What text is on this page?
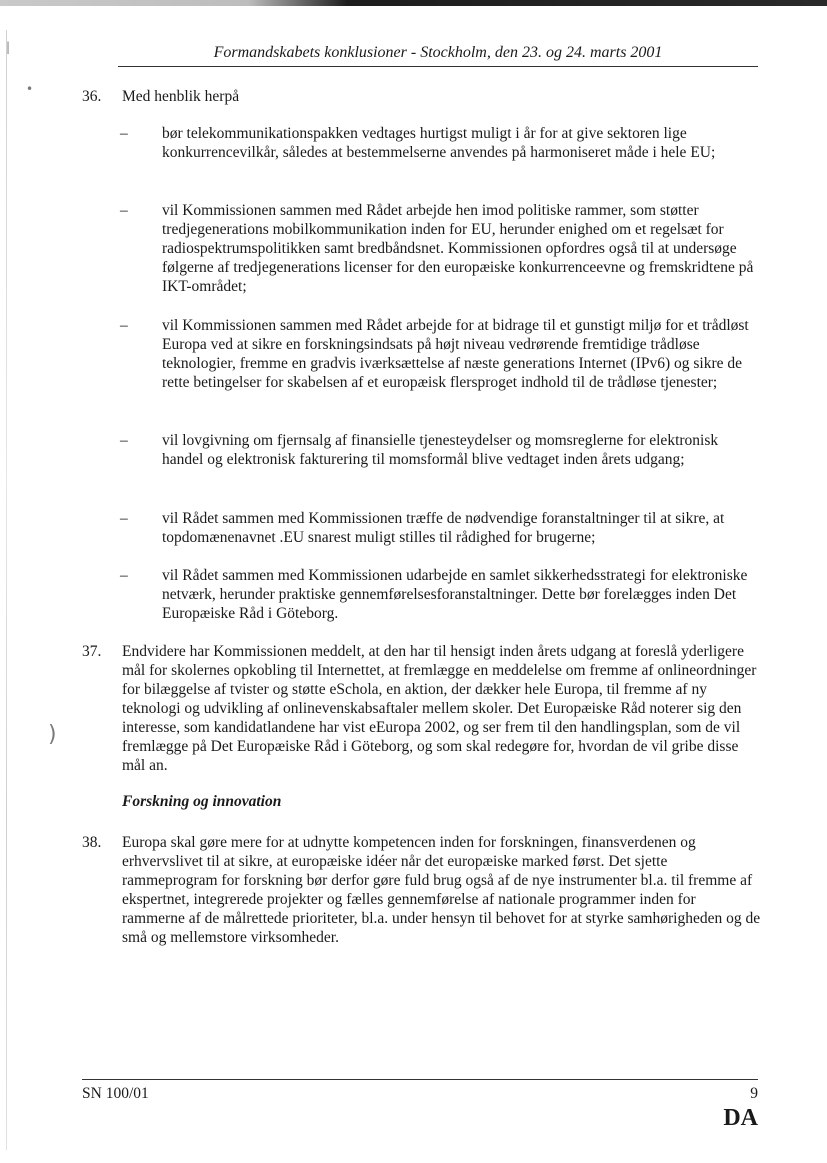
|
•
)
Formandskabets konklusioner - Stockholm, den 23. og 24. marts 2001
36.	Med henblik herpå
–	bør telekommunikationspakken vedtages hurtigst muligt i år for at give sektoren lige konkurrencevilkår, således at bestemmelserne anvendes på harmoniseret måde i hele EU;
–	vil Kommissionen sammen med Rådet arbejde hen imod politiske rammer, som støtter tredjegenerations mobilkommunikation inden for EU, herunder enighed om et regelsæt for radiospektrumspolitikken samt bredbåndsnet. Kommissionen opfordres også til at undersøge følgerne af tredjegenerations licenser for den europæiske konkurrenceevne og fremskridtene på IKT-området;
–	vil Kommissionen sammen med Rådet arbejde for at bidrage til et gunstigt miljø for et trådløst Europa ved at sikre en forskningsindsats på højt niveau vedrørende fremtidige trådløse teknologier, fremme en gradvis iværksættelse af næste generations Internet (IPv6) og sikre de rette betingelser for skabelsen af et europæisk flersproget indhold til de trådløse tjenester;
–	vil lovgivning om fjernsalg af finansielle tjenesteydelser og momsreglerne for elektronisk handel og elektronisk fakturering til momsformål blive vedtaget inden årets udgang;
–	vil Rådet sammen med Kommissionen træffe de nødvendige foranstaltninger til at sikre, at topdomænenavnet .EU snarest muligt stilles til rådighed for brugerne;
–	vil Rådet sammen med Kommissionen udarbejde en samlet sikkerhedsstrategi for elektroniske netværk, herunder praktiske gennemførelsesforanstaltninger. Dette bør forelægges inden Det Europæiske Råd i Göteborg.
37.	Endvidere har Kommissionen meddelt, at den har til hensigt inden årets udgang at foreslå yderligere mål for skolernes opkobling til Internettet, at fremlægge en meddelelse om fremme af onlineordninger for bilæggelse af tvister og støtte eSchola, en aktion, der dækker hele Europa, til fremme af ny teknologi og udvikling af onlinevenskabsaftaler mellem skoler. Det Europæiske Råd noterer sig den interesse, som kandidatlandene har vist eEuropa 2002, og ser frem til den handlingsplan, som de vil fremlægge på Det Europæiske Råd i Göteborg, og som skal redegøre for, hvordan de vil gribe disse mål an.
Forskning og innovation
38.	Europa skal gøre mere for at udnytte kompetencen inden for forskningen, finansverdenen og erhvervslivet til at sikre, at europæiske idéer når det europæiske marked først. Det sjette rammeprogram for forskning bør derfor gøre fuld brug også af de nye instrumenter bl.a. til fremme af ekspertnet, integrerede projekter og fælles gennemførelse af nationale programmer inden for rammerne af de målrettede prioriteter, bl.a. under hensyn til behovet for at styrke samhørigheden og de små og mellemstore virksomheder.
SN 100/01	9
DA
